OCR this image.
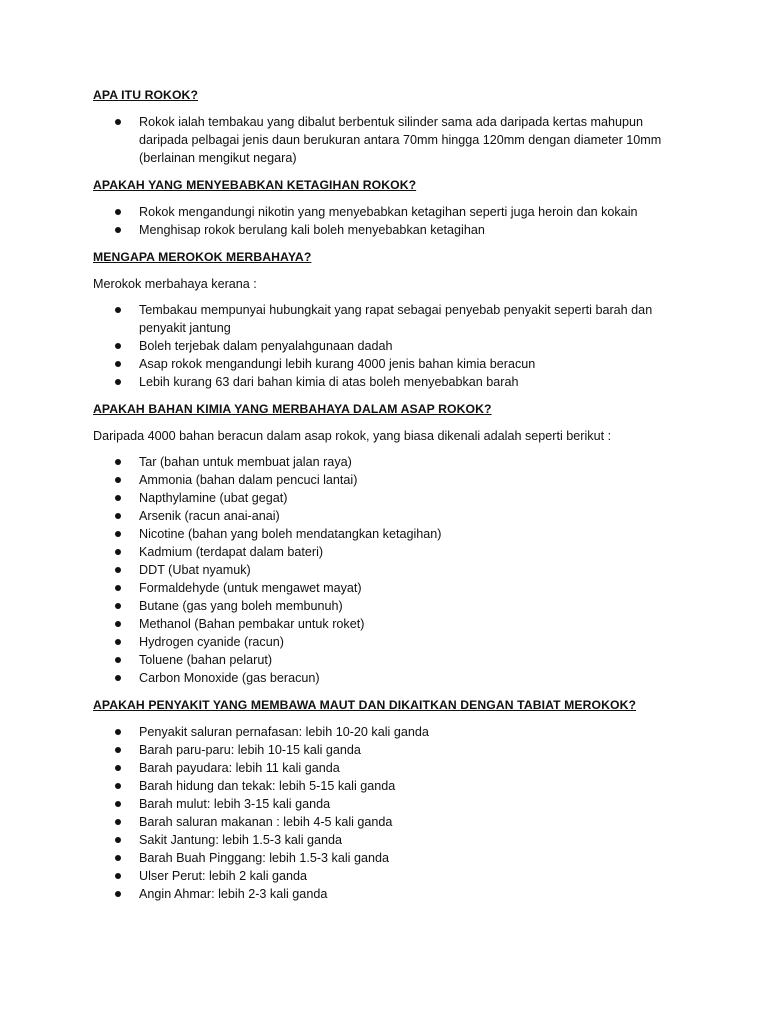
APA ITU ROKOK?

Rokok ialah tembakau yang dibalut berbentuk silinder sama ada daripada kertas mahupun daripada pelbagai jenis daun berukuran antara 70mm hingga 120mm dengan diameter 10mm (berlainan mengikut negara)

APAKAH YANG MENYEBABKAN KETAGIHAN ROKOK?

Rokok mengandungi nikotin yang menyebabkan ketagihan seperti juga heroin dan kokain
Menghisap rokok berulang kali boleh menyebabkan ketagihan

MENGAPA MEROKOK MERBAHAYA?

Merokok merbahaya kerana :

Tembakau mempunyai hubungkait yang rapat sebagai penyebab penyakit seperti barah dan penyakit jantung
Boleh terjebak dalam penyalahgunaan dadah
Asap rokok mengandungi lebih kurang 4000 jenis bahan kimia beracun
Lebih kurang 63 dari bahan kimia di atas boleh menyebabkan barah

APAKAH BAHAN KIMIA YANG MERBAHAYA DALAM ASAP ROKOK?

Daripada 4000 bahan beracun dalam asap rokok, yang biasa dikenali adalah seperti berikut :

Tar (bahan untuk membuat jalan raya)
Ammonia (bahan dalam pencuci lantai)
Napthylamine (ubat gegat)
Arsenik (racun anai-anai)
Nicotine (bahan yang boleh mendatangkan ketagihan)
Kadmium (terdapat dalam bateri)
DDT (Ubat nyamuk)
Formaldehyde (untuk mengawet mayat)
Butane (gas yang boleh membunuh)
Methanol (Bahan pembakar untuk roket)
Hydrogen cyanide (racun)
Toluene (bahan pelarut)
Carbon Monoxide (gas beracun)

APAKAH PENYAKIT YANG MEMBAWA MAUT DAN DIKAITKAN DENGAN TABIAT MEROKOK?

Penyakit saluran pernafasan: lebih 10-20 kali ganda
Barah paru-paru: lebih 10-15 kali ganda
Barah payudara: lebih 11 kali ganda
Barah hidung dan tekak: lebih 5-15 kali ganda
Barah mulut: lebih 3-15 kali ganda
Barah saluran makanan : lebih 4-5 kali ganda
Sakit Jantung: lebih 1.5-3 kali ganda
Barah Buah Pinggang: lebih 1.5-3 kali ganda
Ulser Perut: lebih 2 kali ganda
Angin Ahmar: lebih 2-3 kali ganda
